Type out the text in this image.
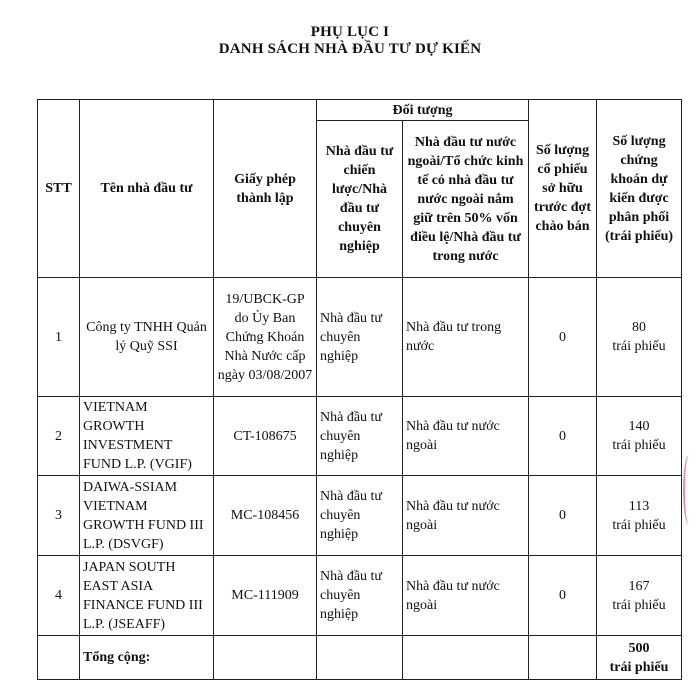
PHỤ LỤC I
DANH SÁCH NHÀ ĐẦU TƯ DỰ KIẾN
STT	Tên nhà đầu tư	Giấy phép thành lập	Đối tượng		Số lượng cổ phiếu sở hữu trước đợt chào bán	Số lượng chứng khoán dự kiến được phân phối (trái phiếu)
			Nhà đầu tư chiến lược/Nhà đầu tư chuyên nghiệp	Nhà đầu tư nước ngoài/Tổ chức kinh tế có nhà đầu tư nước ngoài nắm giữ trên 50% vốn điều lệ/Nhà đầu tư trong nước		
1	Công ty TNHH Quản lý Quỹ SSI	19/UBCK-GP do Ủy Ban Chứng Khoán Nhà Nước cấp ngày 03/08/2007	Nhà đầu tư chuyên nghiệp	Nhà đầu tư trong nước	0	80
trái phiếu

2	VIETNAM GROWTH INVESTMENT FUND L.P. (VGIF)	CT-108675	Nhà đầu tư chuyên nghiệp	Nhà đầu tư nước ngoài	0	140
trái phiếu

3	DAIWA-SSIAM VIETNAM GROWTH FUND III L.P. (DSVGF)	MC-108456	Nhà đầu tư chuyên nghiệp	Nhà đầu tư nước ngoài	0	113
trái phiếu

4	JAPAN SOUTH EAST ASIA FINANCE FUND III L.P. (JSEAFF)	MC-111909	Nhà đầu tư chuyên nghiệp	Nhà đầu tư nước ngoài	0	167
trái phiếu

	Tổng cộng:					500
trái phiếu
